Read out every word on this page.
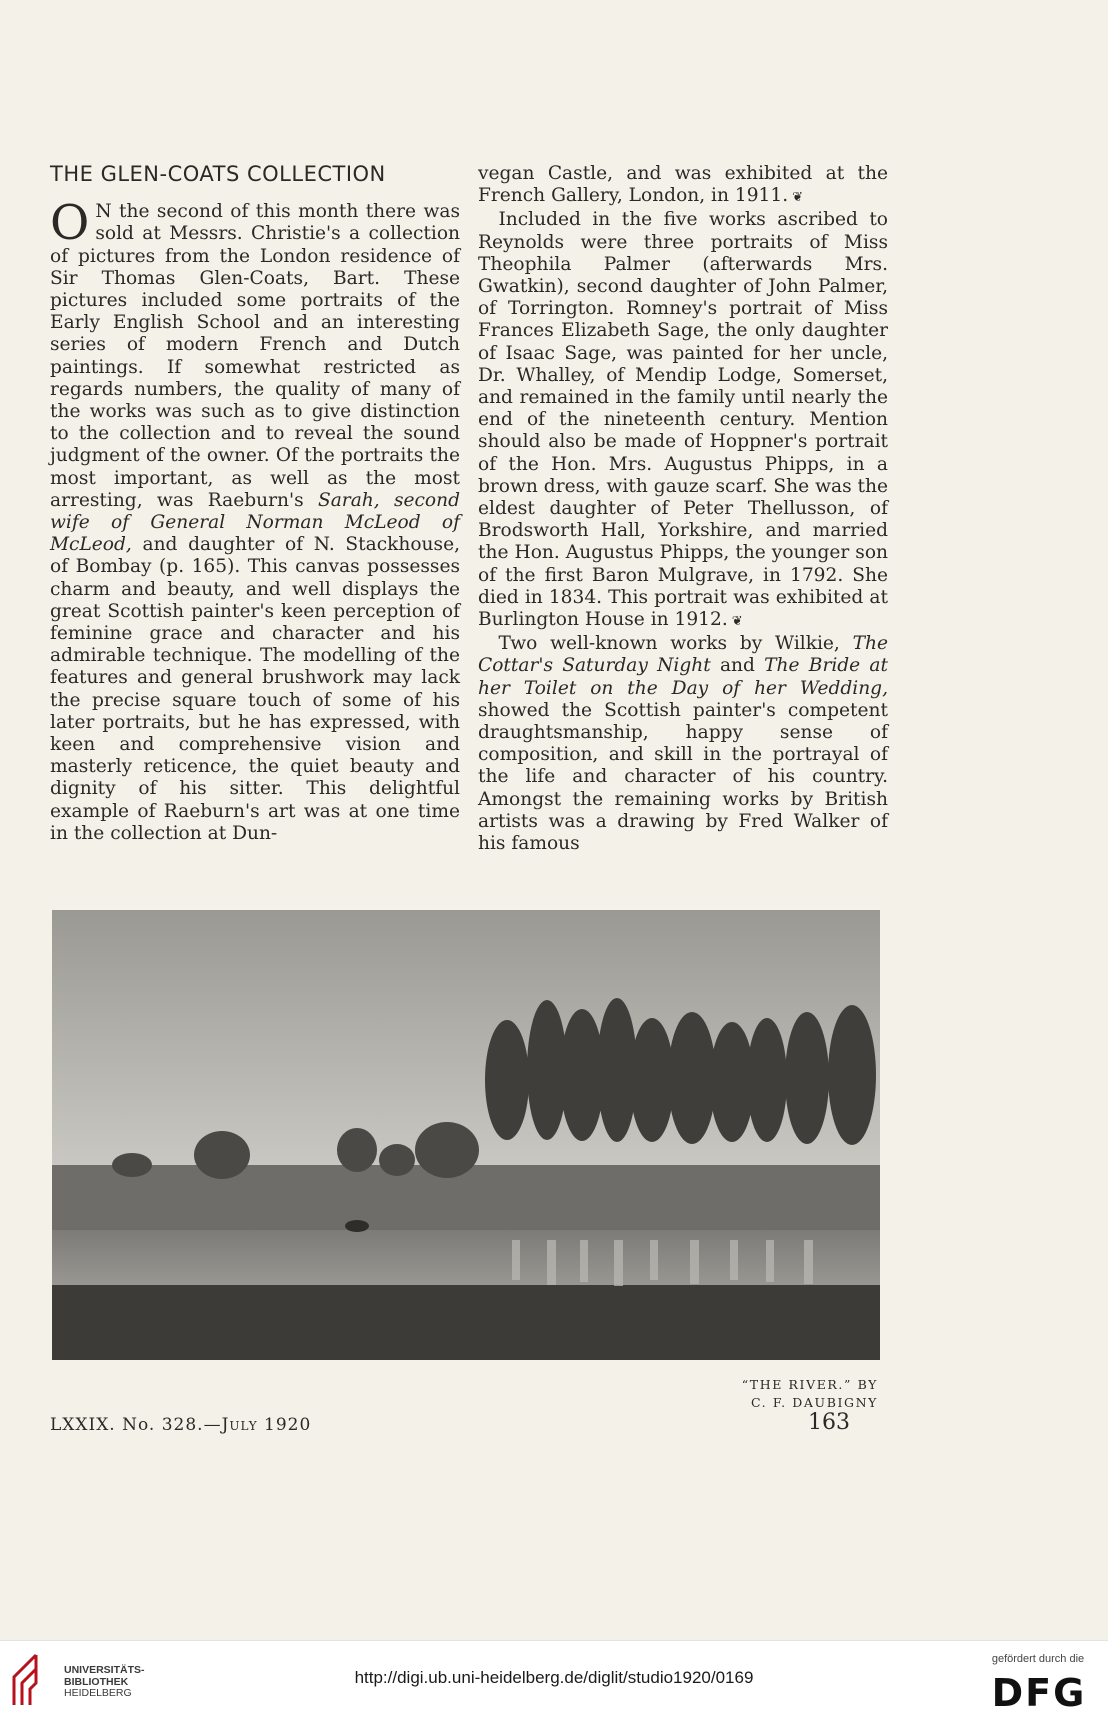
THE GLEN-COATS COLLECTION

O N the second of this month there was sold at Messrs. Christie's a collection of pictures from the London residence of Sir Thomas Glen-Coats, Bart. These pictures included some portraits of the Early English School and an interesting series of modern French and Dutch paintings. If somewhat restricted as regards numbers, the quality of many of the works was such as to give distinction to the collection and to reveal the sound judgment of the owner. Of the portraits the most important, as well as the most arresting, was Raeburn's Sarah, second wife of General Norman McLeod of McLeod, and daughter of N. Stackhouse, of Bombay (p. 165). This canvas possesses charm and beauty, and well displays the great Scottish painter's keen perception of feminine grace and character and his admirable technique. The modelling of the features and general brushwork may lack the precise square touch of some of his later portraits, but he has expressed, with keen and comprehensive vision and masterly reticence, the quiet beauty and dignity of his sitter. This delightful example of Raeburn's art was at one time in the collection at Dun-

vegan Castle, and was exhibited at the French Gallery, London, in 1911. ❦

Included in the five works ascribed to Reynolds were three portraits of Miss Theophila Palmer (afterwards Mrs. Gwatkin), second daughter of John Palmer, of Torrington. Romney's portrait of Miss Frances Elizabeth Sage, the only daughter of Isaac Sage, was painted for her uncle, Dr. Whalley, of Mendip Lodge, Somerset, and remained in the family until nearly the end of the nineteenth century. Mention should also be made of Hoppner's portrait of the Hon. Mrs. Augustus Phipps, in a brown dress, with gauze scarf. She was the eldest daughter of Peter Thellusson, of Brodsworth Hall, Yorkshire, and married the Hon. Augustus Phipps, the younger son of the first Baron Mulgrave, in 1792. She died in 1834. This portrait was exhibited at Burlington House in 1912. ❦

Two well-known works by Wilkie, The Cottar's Saturday Night and The Bride at her Toilet on the Day of her Wedding, showed the Scottish painter's competent draughtsmanship, happy sense of composition, and skill in the portrayal of the life and character of his country. Amongst the remaining works by British artists was a drawing by Fred Walker of his famous

“THE RIVER.” BY
C. F. DAUBIGNY
LXXIX. No. 328.—July 1920	163
UNIVERSITÄTS-
BIBLIOTHEK
HEIDELBERG
http://digi.ub.uni-heidelberg.de/diglit/studio1920/0169
gefördert durch die
DFG
